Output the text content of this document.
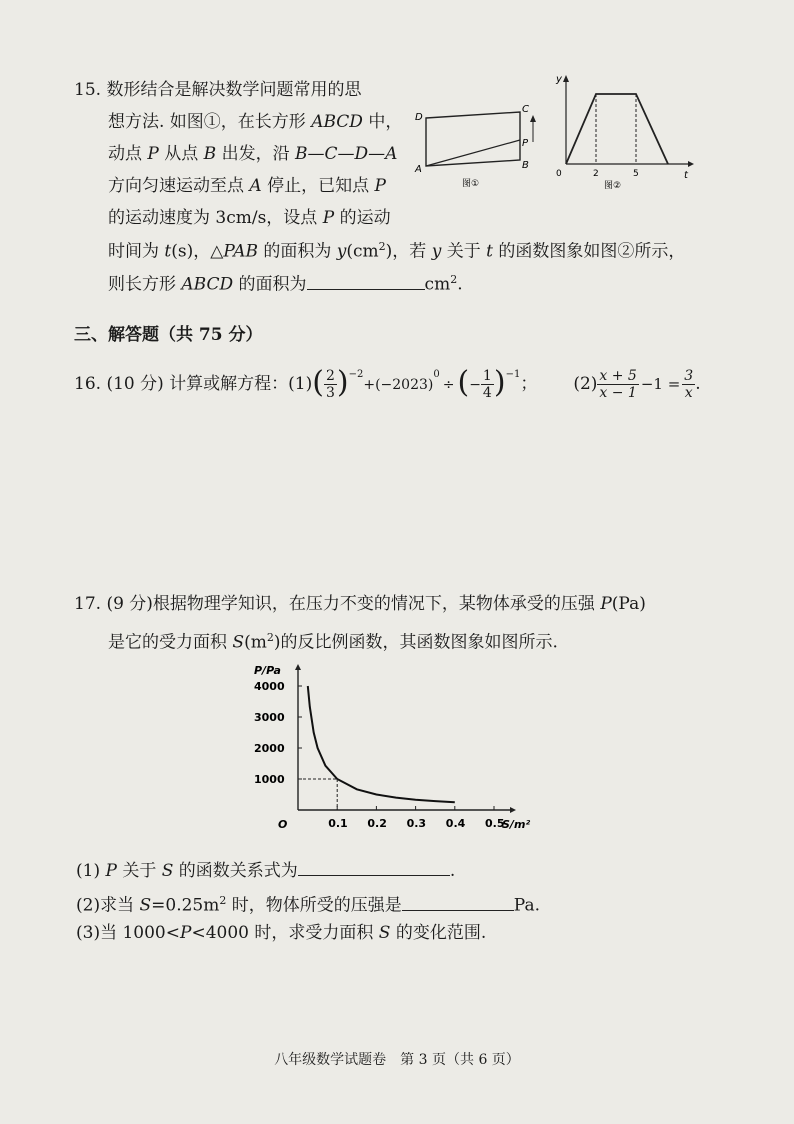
15. 数形结合是解决数学问题常用的思
想方法. 如图①，在长方形 ABCD 中，
动点 P 从点 B 出发，沿 B—C—D—A
方向匀速运动至点 A 停止，已知点 P
的运动速度为 3cm/s，设点 P 的运动
时间为 t(s)，△PAB 的面积为 $y(cm^2)$，若 y 关于 t 的函数图象如图②所示，
则长方形 ABCD 的面积为	$cm^2$.
D
C
A	B
P
图①
y
t
0	2	5
图②
三、解答题（共 75 分）
16. (10 分) 计算或解方程：$(1)( \frac{2}{3} )^{-2}+(-2023)^0\div$ (− $\frac{1}{4} )^{-1}$； $(2) \frac{x + 5}{x - 1} -1 = \frac{3}{x}$ .
17. (9 分)根据物理学知识，在压力不变的情况下，某物体承受的压强 P(Pa)
是它的受力面积 $S(m^2)$的反比例函数，其函数图象如图所示.
P/Pa
S/m²
O	0.1 0.2 0.3 0.4 0.5
1000
2000
3000
4000
(1) P 关于 S 的函数关系式为	.
(2)求当 $S=0.25m^2$ 时，物体所受的压强是	Pa.
(3)当 1000<P<4000 时，求受力面积 S 的变化范围.
八年级数学试题卷　第 3 页（共 6 页）
